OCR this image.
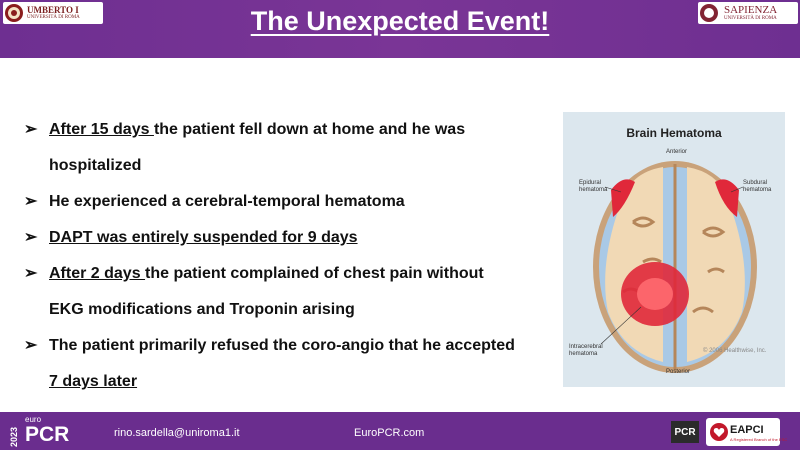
The Unexpected Event!
UMBERTO I
UNIVERSITÀ DI ROMA
SAPIENZA
UNIVERSITÀ DI ROMA
➢ After 15 days the patient fell down at home and he was
hospitalized
➢ He experienced a cerebral-temporal hematoma
➢ DAPT was entirely suspended for 9 days
➢ After 2 days the patient complained of chest pain without
EKG modifications and Troponin arising
➢ The patient primarily refused the coro-angio that he accepted
7 days later
Brain Hematoma
Anterior
Epidural hematoma
Subdural hematoma
Intracerebral hematoma	© 2006 Healthwise, Inc.
Posterior
rino.sardella@uniroma1.it	EuroPCR.com
2023
euro
PCR	PCR	EAPCI
A Registered Branch of the ESC
